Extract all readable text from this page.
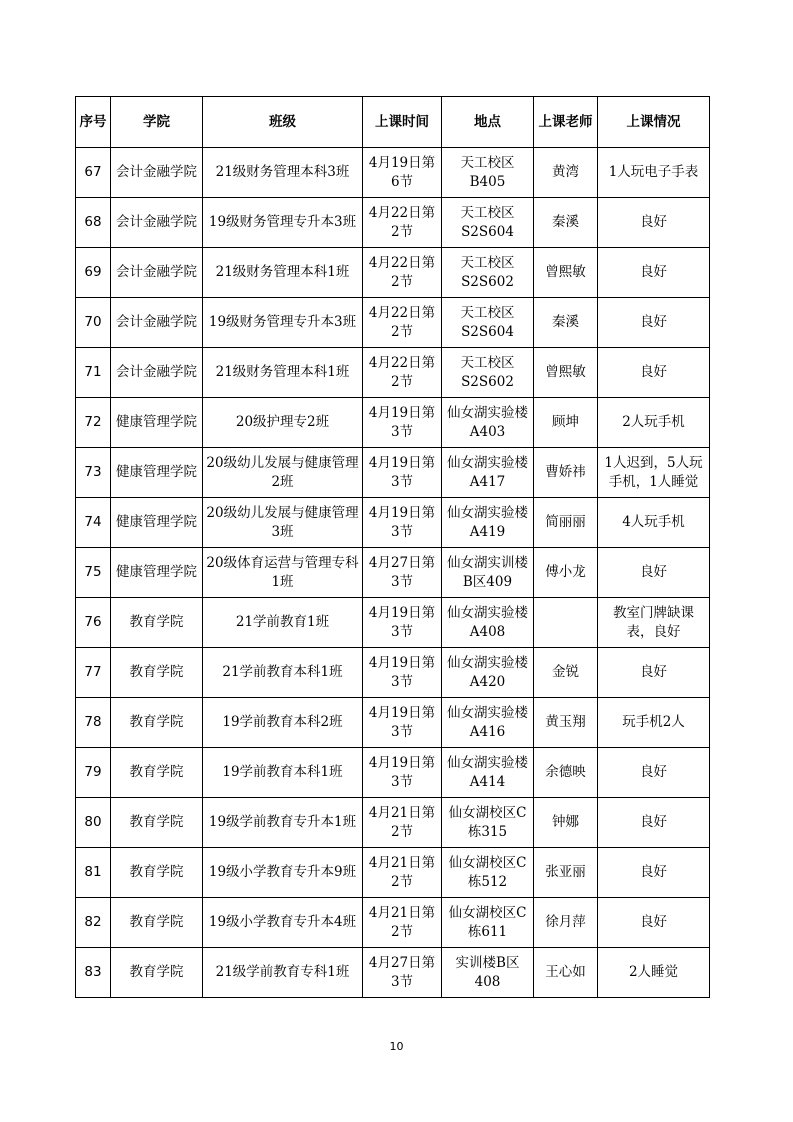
序号	学院	班级	上课时间	地点	上课老师	上课情况
67	会计金融学院	21级财务管理本科3班	4月19日第6节	天工校区B405	黄湾	1人玩电子手表
68	会计金融学院	19级财务管理专升本3班	4月22日第2节	天工校区S2S604	秦溪	良好
69	会计金融学院	21级财务管理本科1班	4月22日第2节	天工校区S2S602	曾熙敏	良好
70	会计金融学院	19级财务管理专升本3班	4月22日第2节	天工校区S2S604	秦溪	良好
71	会计金融学院	21级财务管理本科1班	4月22日第2节	天工校区S2S602	曾熙敏	良好
72	健康管理学院	20级护理专2班	4月19日第3节	仙女湖实验楼A403	顾坤	2人玩手机
73	健康管理学院	20级幼儿发展与健康管理2班	4月19日第3节	仙女湖实验楼A417	曹娇祎	1人迟到，5人玩手机，1人睡觉
74	健康管理学院	20级幼儿发展与健康管理3班	4月19日第3节	仙女湖实验楼A419	简丽丽	4人玩手机
75	健康管理学院	20级体育运营与管理专科1班	4月27日第3节	仙女湖实训楼B区409	傅小龙	良好
76	教育学院	21学前教育1班	4月19日第3节	仙女湖实验楼A408		教室门牌缺课表，良好
77	教育学院	21学前教育本科1班	4月19日第3节	仙女湖实验楼A420	金锐	良好
78	教育学院	19学前教育本科2班	4月19日第3节	仙女湖实验楼A416	黄玉翔	玩手机2人
79	教育学院	19学前教育本科1班	4月19日第3节	仙女湖实验楼A414	余德映	良好
80	教育学院	19级学前教育专升本1班	4月21日第2节	仙女湖校区C栋315	钟娜	良好
81	教育学院	19级小学教育专升本9班	4月21日第2节	仙女湖校区C栋512	张亚丽	良好
82	教育学院	19级小学教育专升本4班	4月21日第2节	仙女湖校区C栋611	徐月萍	良好
83	教育学院	21级学前教育专科1班	4月27日第3节	实训楼B区408	王心如	2人睡觉
10
